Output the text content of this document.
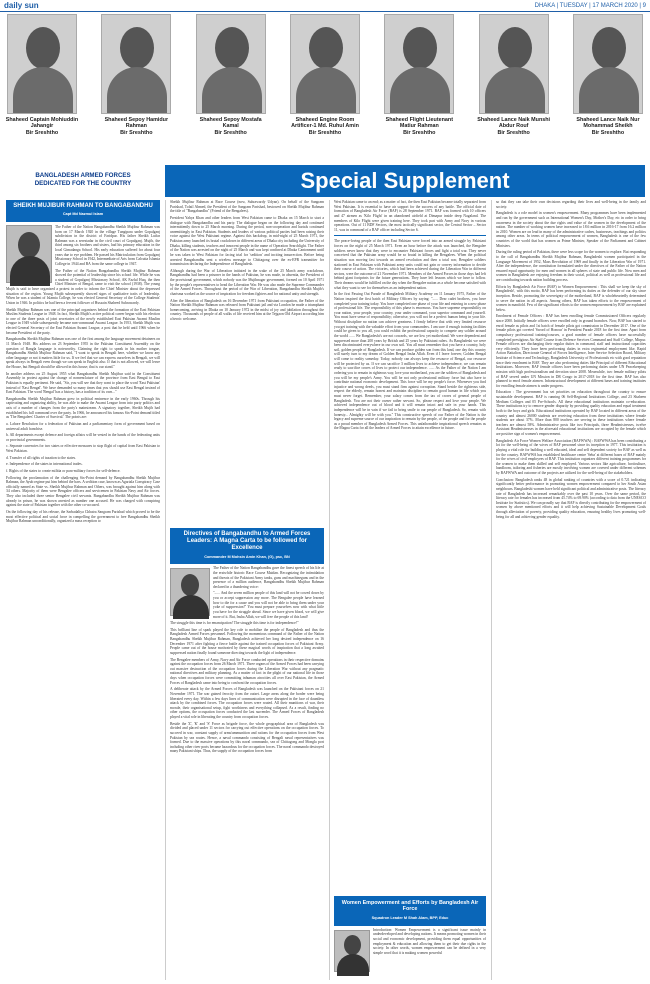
daily sun	DHAKA | TUESDAY | 17 MARCH 2020 | 9
Shaheed Captain Mohiuddin Jahangir
Bir Sreshtho
Shaheed Sepoy Hamidur Rahman
Bir Sreshtho
Shaheed Sepoy Mostafa Kamal
Bir Sreshtho
Shaheed Engine Room Artificer-1 Md. Ruhul Amin
Bir Sreshtho
Shaheed Flight Lieutenant Matiur Rahman
Bir Sreshtho
Shaheed Lance Naik Munshi Abdur Rouf
Bir Sreshtho
Shaheed Lance Naik Nur Mohammad Sheikh
Bir Sreshtho
BANGLADESH ARMED FORCES
DEDICATED FOR THE COUNTRY	Special Supplement
SHEIKH MUJIBUR RAHMAN TO BANGABANDHU
Capt Md Nazmul Islam

The Father of the Nation Bangabandhu Sheikh Mujibur Rahman was born on 17 March 1920 in the village Tungipara under Gopalganj subdivision in the district of Faridpur. His father Sheikh Lutfar Rahman was a serestadar in the civil court of Gopalganj. Mujib, the third among six brothers and sisters, had his primary education in the local Gimadanga School. His early education suffered for about four years due to eye problem. He passed his Matriculation from Gopalganj Missionary School in 1942, Intermediate of Arts from Calcutta Islamia College in 1944 and BA from the same college in 1947.

The Father of the Nation Bangabandhu Sheikh Mujibur Rahman showed the potential of leadership since his school life. While he was a student of Gopalganj Missionary School, AK Fazlul Huq, the then Chief Minister of Bengal, came to visit the school (1938). The young Mujib is said to have organized a protest in order to inform the Chief Minister about the depressed situation of the region. Young Mujib subsequently showed signs of qualitative traits of leadership. When he was a student of Islamia College, he was elected General Secretary of the College Students' Union in 1946. In politics he had been a fervent follower of Hussain Shaheed Suhrawardy.

Sheikh Mujibur Rahman was one of the principal organizers behind the formation of the East Pakistan Muslim Students League in 1948. In fact, Sheikh Mujib's active political career began with his election to one of the three posts of joint secretaries of the newly established East Pakistan Awami Muslim League in 1949 while subsequently became non-communal Awami League. In 1953, Sheikh Mujib was elected General Secretary of the East Pakistan Awami League, a post that he held until 1966 when he became President of the party.

Bangabandhu Sheikh Mujibur Rahman was one of the first among the language movement detainees on 11 March 1948. His address on 23 September 1955 in the Pakistan Constituent Assembly on the question of Bangla language is noteworthy. Claiming the right to speak in his mother tongue, Bangabandhu Sheikh Mujibur Rahman said, "I want to speak in Bengali here, whether we know any other language or not it matters little for us. If we feel that we can express ourselves in Bengali, we will speak always in Bengali even though we can speak in English also. If that is not allowed, we will leave the House, but Bengali should be allowed in this house; that is our stand."

In another address on 25 August 1955 what Bangabandhu Sheikh Mujibur said in the Constituent Assembly in protest against the change of nomenclature of the province from East Bengal to East Pakistan is equally pertinent. He said, "Sir, you will see that they want to place the word 'East Pakistan' instead of 'East Bengal'. We have demanded so many times that you should use East Bengal instead of East Pakistan. The word 'Bengal' has a history, has a tradition of its own..."

Bangabandhu Sheikh Mujibur Rahman grew in political eminence in the early 1960s. Through his captivating and organizing ability, he was able to make the Awami League from into party politics and axis of a number of changes from the party's mainstream. A signatory together, Sheikh Mujib had established his full command over the party. In 1966, he announced his famous Six-Point demand titled as 'The Bengalees' Charter of Survival.' The points are:

a. Lahore Resolution for a federation of Pakistan and a parliamentary form of government based on universal adult franchise.

b. All departments except defence and foreign affairs will be vested in the hands of the federating units or provincial governments.

c. Separate currencies for two states or effective measures to stop flight of capital from East Pakistan to West Pakistan.

d. Transfer of all rights of taxation to the states.

e. Independence of the states in international trades.

f. Rights of the states to create militia or para-military forces for self-defence.

Following the proclamation of the challenging Six-Point demand by Bangabandhu Sheikh Mujibur Rahman, the Ayub regime put him behind the bars. A sedition case, known as Agartala Conspiracy Case officially named as State vs. Sheikh Mujibur Rahman and Others, was brought against him along with 34 others. Majority of them were Bengalee officers and servicemen in Pakistan Navy and Air forces. They also included three senior Bengalee civil servants. Bangabandhu Sheikh Mujibur Rahman was already in prison, he was shown arrested as number one accused. He was charged with conspiring against the state of Pakistan together with the other co-accused.

On the following day of his release, the Sarbadaliya Chhatra Sangram Parishad which proved to be the most effective political and social force in compelling the government to free Bangabandhu Sheikh Mujibur Rahman unconditionally, organized a mass reception to

Sheikh Mujibur Rahman at Race Course (now, Suhrawardy Udyan). On behalf of the Sangram Parishad, Tofail Ahmed, the President of the Sangram Parishad, bestowed on Sheikh Mujibur Rahman the title of "Bangabandhu" (Friend of the Bengalees).

President Yahya Khan and other leaders from West Pakistan came to Dhaka on 15 March to start a dialogue with Bangabandhu and his party. The dialogue began on the following day and continued intermittently down to 25 March morning. During the period, non-cooperation and hartals continued unremittingly in East Pakistan. Students and leaders of various political parties had been raising their voice against the West Pakistani regime. Against this backdrop, in mid-night of 25 March 1971, the Pakistan army launched its brutal crackdown in different areas of Dhaka city including the University of Dhaka, killing students, teachers and innocent people in the name of Operation Searchlight. The Father of the Nation was arrested on the night of 25 March and was kept confined at Dhaka Cantonment until he was taken to West Pakistan for facing trial for 'sedition' and inciting insurrection. Before being arrested Bangabandhu sent a wireless message to Chittagong over the ex-EPR transmitter for transmission declaring the Independence of Bangladesh.

Although during the War of Liberation initiated in the wake of the 25 March army crackdown, Bangabandhu had been a prisoner in the hands of Pakistan, he was made, in absentia, the President of the provisional government, which nobody was the Mujibnagar government, formed on 10 April 1971 by the people's representatives to head the Liberation War. He was also made the Supreme Commander of the Armed Forces. Throughout the period of the War of Liberation, Bangabandhu Sheikh Mujib's charisma worked as the source of inspiration for freedom fighters and for national unity and strength.

After the liberation of Bangladesh on 16 December 1971 from Pakistani occupation, the Father of the Nation Sheikh Mujibur Rahman was released from Pakistani jail and via London he made a triumphant homecoming, arriving in Dhaka on 10 January 1972 in the midst of joy and jubilation throughout the country. Thousands of people of all walks of life received him at the Tejgaon Old Airport according him a heroic welcome.

Directives of Bangabandhu to Armed Forces Leaders: A Magna Carta to be followed for Excellence
Commander M Mohsin Amin Khan, (G), psc, BN

The Father of the Nation Bangabandhu gave the finest speech of his life at the erstwhile historic Race Course Maidan. Recognizing the intimidation and threats of the Pakistani Army tanks, guns and machineguns and in the presence of a million audience, Bangabandhu Sheikh Mujibur Rahman declared in a thundering voice:

"...... And the seven million people of this land will not be cowed down by you or accept suppression any more. The Bengalee people have learned how to die for a cause and you will not be able to bring them under your yoke of suppression!" You must prepare yourselves now with what little you have for the struggle ahead. Since we have given blood, we will give more of it. But, Insha Allah, we will free the people of this land!

The struggle this time is for emancipation! The struggle this time is for independence!"

This brilliant line of spark played the key role to mobilize the people of Bangladesh and thus the Bangladesh Armed Forces personnel. Following the momentous command of the Father of the Nation Bangabandhu Sheikh Mujibur Rahman, Bangladesh achieved her long desired independence on 16 December 1971 after fighting a fierce battle against the trained occupation forces of Pakistani Army. People came out of the house motivated by these magical words of inspiration that a long awaited suppressed nation finally found someone directing towards the light of independence.

The Bengalee members of Army, Navy and Air Force conducted operations in their respective domains against the occupation forces from 26 March 1971. Three organs of the Armed Forces had been carrying out massive destruction of the occupation forces during the Liberation War without any pragmatic national directives and military planning. As a matter of fact in the plight of our national life in those days when occupation forces were committing inhuman atrocities all over East Pakistan, the Armed Forces of Bangladesh came into being to confront the occupation forces.

A deliberate attack by the Armed Forces of Bangladesh was launched on the Pakistani forces on 21 November 1971. The war gained ferocity from the outset. Large areas along the border were being liberated every day. Within a few days lines of communication were disrupted in the face of dauntless attack by the combined forces. The occupation forces were routed. All their munitions of war, their morale, their organisational setup, fight worthiness and everything collapsed. As a result, finding no other options, the occupation forces conducted the last surrender. The Armed Forces of Bangladesh played a vital role in liberating the country from occupation forces.

Beside the 'Z', 'K' and 'S' Force as brigade force, the whole geographical area of Bangladesh was divided and placed under 11 sectors for carrying out effective operations on the occupation forces. To succeed in war, constant supply of arms/ammunition and rations for the occupation forces from West Pakistan by sea routes. Hence, a naval commando consisting of Bengali naval representatives was formed. Due to the massive operations by this naval commando, sea of Chittagong and Mongla port including other river ports became hazardous for the occupation forces. The naval commando destroyed many Pakistani ships. Thus, the supply of the occupation forces from

West Pakistan came to an end; as a matter of fact, the then East Pakistan became totally separated from West Pakistan. It is essential to have air support for the success of any battle. The official date of formation of Bangladesh Air Force (BAF) is 28 September 1971. BAF was formed with 10 officers and 47 airmen as 'Kilo Flight' in an abandoned airfield at Dimapur inside deep Nagaland. The members of Kilo Flight were given training here. They took part with Army and Navy in various operations. Out of 11 BDF Sectors, the most tactically significant sector, the Central Sector – Sector 11, was in command of a BAF officer including Sector 6.

The peace-loving people of the then East Pakistan were forced into an armed struggle by Pakistani forces on the night of 25 March 1971. Even an hour before the attack was launched, the Bengalee soldiers never knew that they were to encounter Pakistani forces and fight a total war. They never conceived that the Pakistan army would be so brutal in killing the Bengalees. When the political situation was moving fast towards an armed revolution and then a total war, Bengalee soldiers stationed in East Pakistan with Pakistani army units could not gain or convey information to decide their course of action. The victories, which had been achieved during the Liberation War in different sectors, were the outcome of 21 November 1971. Members of the Armed Forces in those days had left behind giant footprints for the future generations. They have left lessons which we have to follow. Their dreams would be fulfilled on the day when the Bengalee nation as a whole become satisfied with what they want to see for themselves as an independent nation.

In the first Passing Out Parade of Bangladesh Military Academy on 11 January 1975, Father of the Nation inspired the first batch of Military Officers by saying: "...... Dear cadet brothers, you have completed your training today. You have completed one phase of your life and entering in a new phase of professional life. The responsibility of this phase is enormous. You have supreme responsibility on your nation, your people, your country, your under command, your superior command and yourself. You must have sense of responsibility; otherwise, you will not be a perfect human being in your life. Without discipline no nation can achieve greatness. I firmly believe that with very limited resource you get training with the valuable effort from your commanders. I am sure if enough training facilities could be given to you all, you could exhibit the professional capacity to compete any soldier around the world ...... We Bangladeshi's are not cowards, we are low yet motherland. We were dependent and suppressed more than 200 years by British and 25 years by Pakistani rulers. As Bangladeshi we were been discriminated everywhere in our own soil. You all must remember that you have a country, holy soil, golden people of Bangladesh. If we can produce golden son from this land, one day this country will surely turn to my dream of Golden Bengal Insha Allah. Even if I leave forever, Golden Bengal will come to reality someday. Today, nobody can always keep the resource of Bengal, our resource will be protected by us. If we can sacrifice 3 million lives to achieve independence, we can remain ready to sacrifice crores of lives to protect our independence. ...... As the Father of the Nation I am ordering you to remain in righteous way, love your motherland, you are the soldiers of Bangladesh and you will be my people's Army. You will be not only professional military force but also have to contribute national economic development. This force will be my people's force. Whenever you find injustice and wrong deeds, you must stand firm against corruption. Stand beside the righteous side, respect the elderly, remain honest and maintain discipline to remain good human in life which you must never forget. Remember, your salary comes from the tax of crores of general people of Bangladesh. You are not their owner rather servant. So, please respect and love your people. We achieved independence out of blood and it will remain intact and safe in your hands. This independence will be in vain if we fail to bring smile to our people of Bangladesh. So, remain with honesty... Almighty will be with you." This constructive speech of our Father of the Nation is the legacy and supreme source of our inspiration to remain by the people, of the people and for the people as a proud member of Bangladesh Armed Forces. This unfathomable inspirational speech remains as the Magna Carta for all the leaders of Armed Forces to attain excellence in future.

Women Empowerment and Efforts by Bangladesh Air Force
Squadron Leader M Shah Alam, BPP, Educ

Introduction: Women Empowerment is a significant issue mainly in underdeveloped and developing nations. It means promoting women in their social and economic development, providing them equal opportunities of employment & education and allowing them to get their due rights in the society. In other words, women empowerment can be defined in a very simple word that it is making women powerful

so that they can take their own decisions regarding their lives and well-being in the family and society.

Bangladesh is a role model in women's empowerment. Many programmes have been implemented and run by the government such as International Women's Day, Mother's Day, etc in order to bring awareness in the society about the due rights and value of the women in the development of the nation. The number of working women have increased to 18.6 million in 2016-17 from 16.2 million in 2010. Women are on lead in many of the administrative cadres, businesses, teachings and politics among other areas. In terms of political empowerment of women, Bangladesh is one of the few countries of the world that has women as Prime Minister, Speaker of the Parliament and Cabinet Ministers.

During the ruling period of Pakistan, there were less scope for the women to explore. But responding to the call of Bangabandhu Sheikh Mujibur Rahman, Bangladeshi women participated in the Language Movement of 1952, Mass Revolution of 1969 and finally in the Liberation War of 1971. After the independence, the constitution formulated under the directives of the Father of the Nation ensured equal opportunity for men and women in all spheres of state and public life. Now men and women in Bangladesh are enjoying freedom in their social, political as well as professional life and are contributing towards nation building process.

Efforts by Bangladesh Air Force (BAF) to Women Empowerment : This shall we keep the sky of Bangladesh!, with this motto, BAF has been performing its duties as the defender of our sky since inception. Beside, promoting the sovereignty of the motherland, BAF is wholeheartedly determined to serve the nation in all aspects. Among others, BAF has taken efforts to the empowerment of women in manifold. Few of the significant efforts to the women empowerment by BAF are explained below.

Enrolment of Female Officers : BAF has been enrolling female Commissioned Officers regularly since 2000. Initially female officers were enrolled only in ground branches. Now, BAF has started to enrol female as pilots and 1st batch of female pilots got commission in December 2017. One of the female pilots got coveted 'Sword of Honour' in President Parade 2018 for the first time. Apart from compulsory professional training/courses, a good number of female officers have successfully completed prestigious Air Staff Course from Defence Services Command and Staff College, Mirpur. Female officers are discharging their regular duties in command, staff and instructional capacities very efficiently. They have been performing duties in extra regimental employment like, Rapid Action Battalion, Directorate General of Forces Intelligence, Inter Service Selection Board, Military Institute of Science and Technology, Bangladesh University of Professionals etc with good reputation since their enrolment in BAF. They are also performing duties like Principal of different Educational Institutions. Moreover, BAF female officers have been performing duties under UN Peacekeeping mission with high professionalism and devotion since 2008. Meanwhile, two female military pilots of BAF served under UN Mission in DR Congo in 2017-2018 for the first time. BAF has also planned to enrol female airmen. Infrastructural development at different bases and training institutes for enrolling female airmen is under progress.

Education : The government has set priorities on education throughout the country to ensure sustainable development. BAF is running 06 Self-Regional Institutions College, and 23 Shaheen Medium Colleges and 05 Pre-Schools. All these educational institutions maintain co-education. These institutions try to remove gender disparity by providing quality education and equal treatment both to the boys and girls. Educational institutions operated by BAF located in different areas of the country and almost 26000 students are receiving education from these institutions where female students are about 37%. More than 800 teachers are serving in these institutions where female teachers are almost 58%. Administrative posts like two Principals, three Headmistresses, twelve Assistant Headmistresses in the aforesaid educational institutions are occupied by the female which are positive sign of women's empowerment.

Bangladesh Air Force Women Welfare Association (BAFWWA) : BAFWWA has been contributing a lot for the well-being of the wives of BAF personnel since its inception in 1977. This institution is playing a vital role for building a well educated, ideal and self dependent society for BAF as well as for the country. BAFWWA has established healthcare centre 'Seba' at different bases of BAF mainly for the wives of civil employees of BAF. This institution organizes different training programmes for the women to make them skilled and self employed. Various sectors like agriculture, horticulture, handloom, tailoring and fisheries are mostly involving women are covered under different schemes by BAFWWA and outcome of the projects are utilized for the well-being of the stakeholders.

Conclusion: Bangladesh ranks 48 in global ranking of countries with a score of 0.721 indicating significantly better performance in promoting women empowerment compared to her South Asian neighbours. Bangladeshi women have held significant political and administrative posts. The literacy rate of Bangladesh has increased remarkably over the past 10 years. Over the same period, the literacy rate for females has increased from 45.74% to 69.90% (according to data from the UNESCO Institute for Statistics). We can proudly say that BAF is directly contributing for the empowerment of women by above mentioned efforts and it will help achieving Sustainable Development Goals through alleviation of poverty, providing quality education, ensuring healthy lives promoting well-being for all and achieving gender equality.
